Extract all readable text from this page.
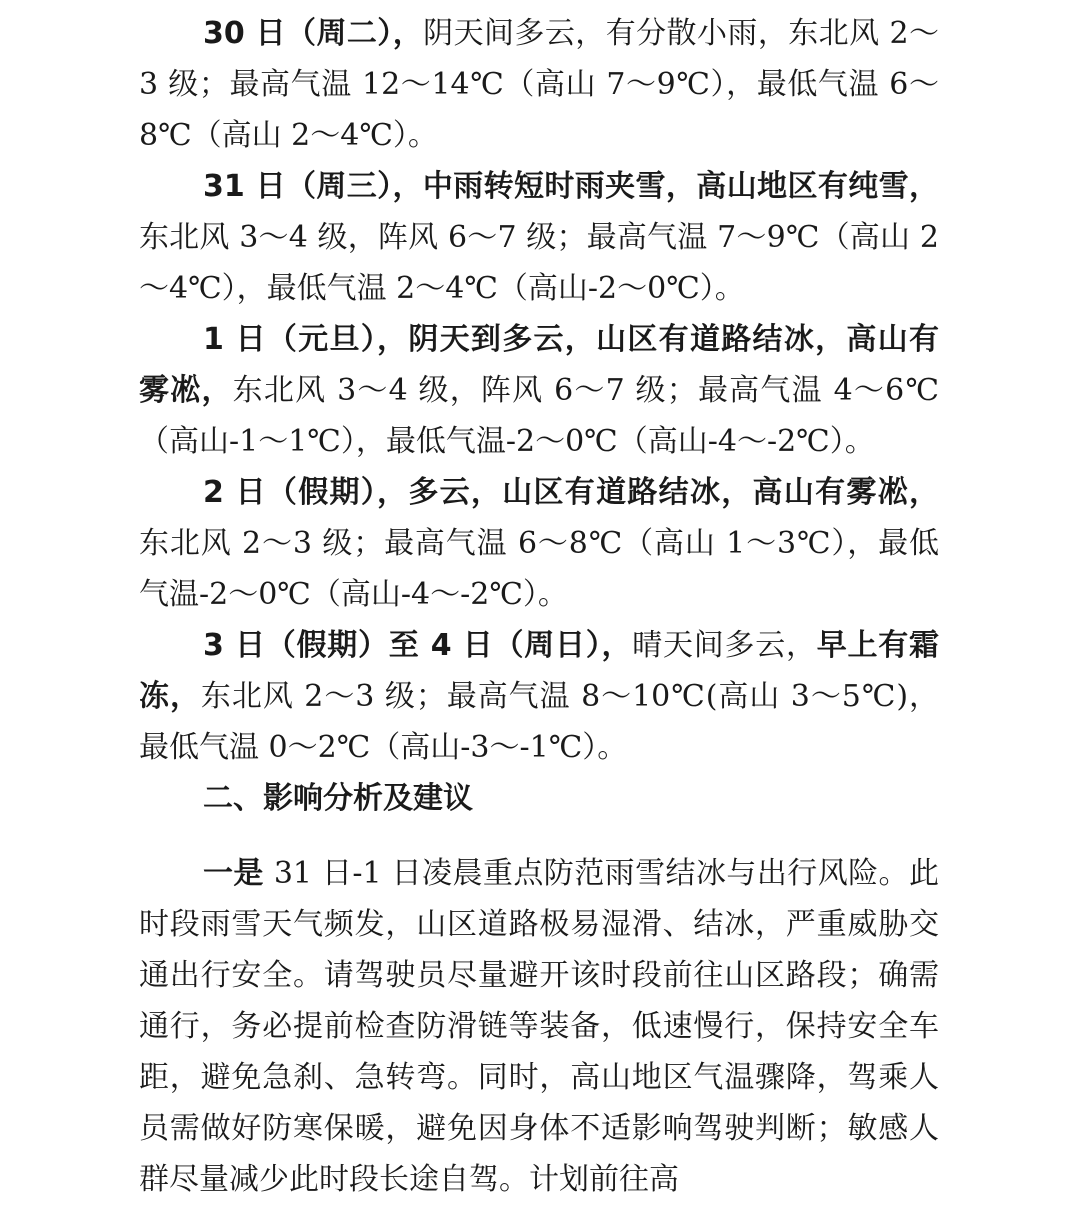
30 日（周二），阴天间多云，有分散小雨，东北风 2～3 级；最高气温 12～14℃（高山 7～9℃），最低气温 6～8℃（高山 2～4℃）。

31 日（周三），中雨转短时雨夹雪，高山地区有纯雪，东北风 3～4 级，阵风 6～7 级；最高气温 7～9℃（高山 2～4℃），最低气温 2～4℃（高山-2～0℃）。

1 日（元旦），阴天到多云，山区有道路结冰，高山有雾凇，东北风 3～4 级，阵风 6～7 级；最高气温 4～6℃（高山-1～1℃），最低气温-2～0℃（高山-4～-2℃）。

2 日（假期），多云，山区有道路结冰，高山有雾凇，东北风 2～3 级；最高气温 6～8℃（高山 1～3℃），最低气温-2～0℃（高山-4～-2℃）。

3 日（假期）至 4 日（周日），晴天间多云，早上有霜冻，东北风 2～3 级；最高气温 8～10℃(高山 3～5℃)，最低气温 0～2℃（高山-3～-1℃）。

二、影响分析及建议

一是 31 日-1 日凌晨重点防范雨雪结冰与出行风险。此时段雨雪天气频发，山区道路极易湿滑、结冰，严重威胁交通出行安全。请驾驶员尽量避开该时段前往山区路段；确需通行，务必提前检查防滑链等装备，低速慢行，保持安全车距，避免急刹、急转弯。同时，高山地区气温骤降，驾乘人员需做好防寒保暖，避免因身体不适影响驾驶判断；敏感人群尽量减少此时段长途自驾。计划前往高
